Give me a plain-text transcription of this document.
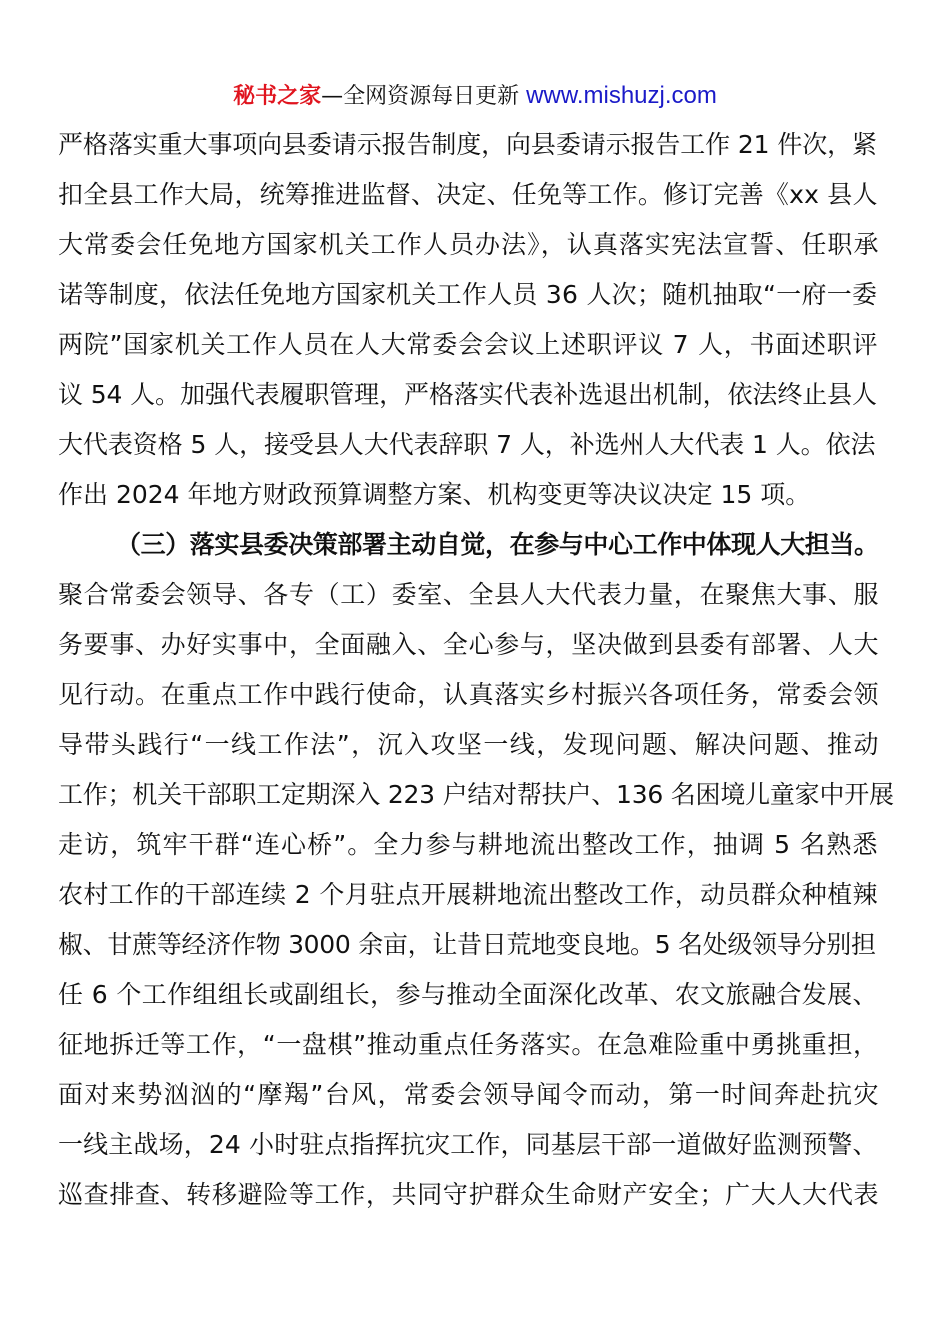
秘书之家—全网资源每日更新 www.mishuzj.com
严格落实重大事项向县委请示报告制度，向县委请示报告工作 21 件次，紧
扣全县工作大局，统筹推进监督、决定、任免等工作。修订完善《xx 县人
大常委会任免地方国家机关工作人员办法》，认真落实宪法宣誓、任职承
诺等制度，依法任免地方国家机关工作人员 36 人次；随机抽取“一府一委
两院”国家机关工作人员在人大常委会会议上述职评议 7 人，书面述职评
议 54 人。加强代表履职管理，严格落实代表补选退出机制，依法终止县人
大代表资格 5 人，接受县人大代表辞职 7 人，补选州人大代表 1 人。依法
作出 2024 年地方财政预算调整方案、机构变更等决议决定 15 项。
（三）落实县委决策部署主动自觉，在参与中心工作中体现人大担当。
聚合常委会领导、各专（工）委室、全县人大代表力量，在聚焦大事、服
务要事、办好实事中，全面融入、全心参与，坚决做到县委有部署、人大
见行动。在重点工作中践行使命，认真落实乡村振兴各项任务，常委会领
导带头践行“一线工作法”，沉入攻坚一线，发现问题、解决问题、推动
工作；机关干部职工定期深入 223 户结对帮扶户、136 名困境儿童家中开展
走访，筑牢干群“连心桥”。全力参与耕地流出整改工作，抽调 5 名熟悉
农村工作的干部连续 2 个月驻点开展耕地流出整改工作，动员群众种植辣
椒、甘蔗等经济作物 3000 余亩，让昔日荒地变良地。5 名处级领导分别担
任 6 个工作组组长或副组长，参与推动全面深化改革、农文旅融合发展、
征地拆迁等工作，“一盘棋”推动重点任务落实。在急难险重中勇挑重担，
面对来势汹汹的“摩羯”台风，常委会领导闻令而动，第一时间奔赴抗灾
一线主战场，24 小时驻点指挥抗灾工作，同基层干部一道做好监测预警、
巡查排查、转移避险等工作，共同守护群众生命财产安全；广大人大代表
